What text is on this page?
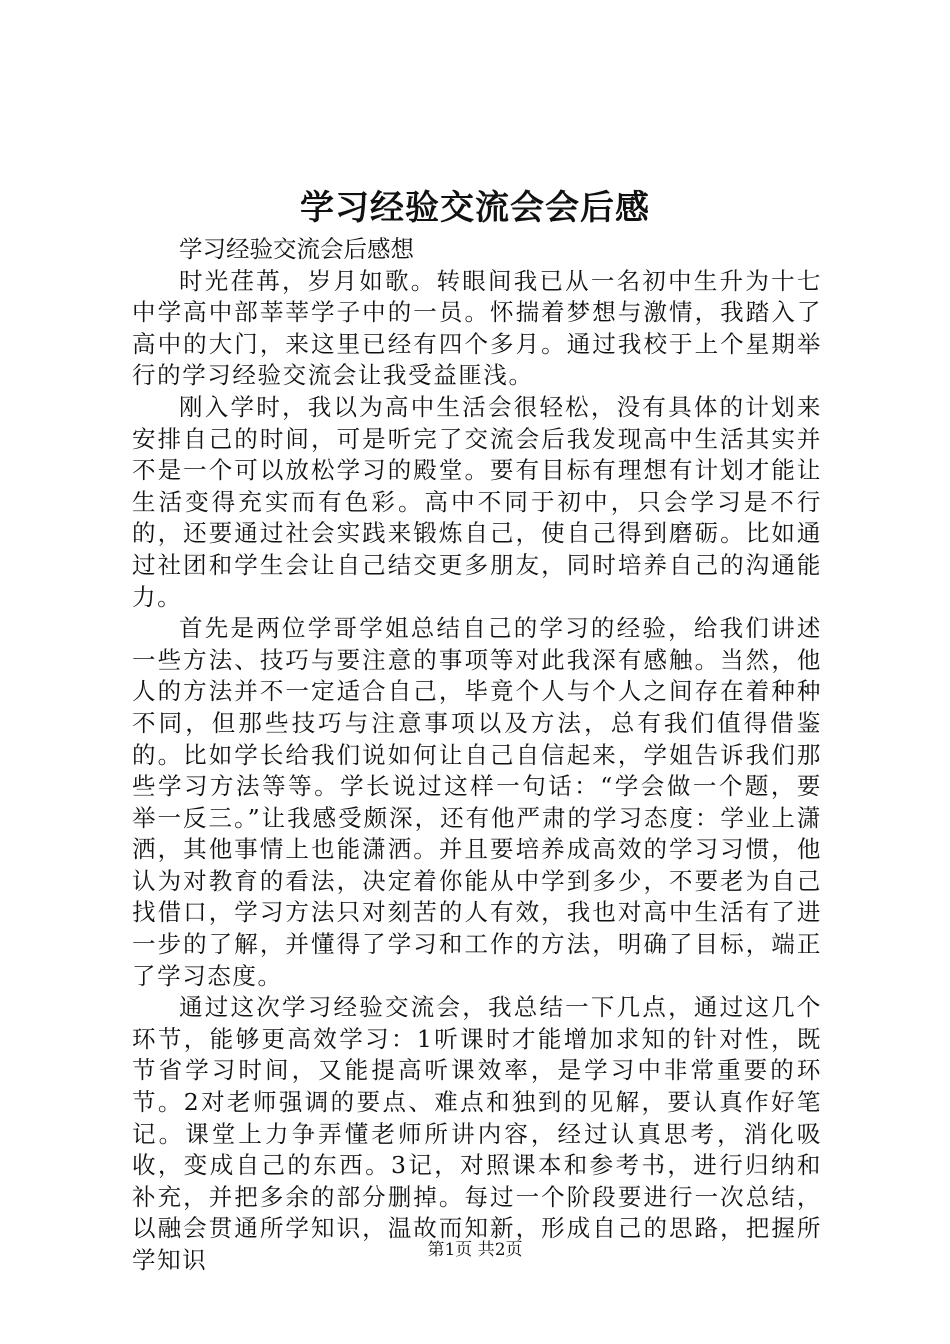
学习经验交流会会后感

学习经验交流会后感想

时光荏苒，岁月如歌。转眼间我已从一名初中生升为十七中学高中部莘莘学子中的一员。怀揣着梦想与激情，我踏入了高中的大门，来这里已经有四个多月。通过我校于上个星期举行的学习经验交流会让我受益匪浅。

刚入学时，我以为高中生活会很轻松，没有具体的计划来安排自己的时间，可是听完了交流会后我发现高中生活其实并不是一个可以放松学习的殿堂。要有目标有理想有计划才能让生活变得充实而有色彩。高中不同于初中，只会学习是不行的，还要通过社会实践来锻炼自己，使自己得到磨砺。比如通过社团和学生会让自己结交更多朋友，同时培养自己的沟通能力。

首先是两位学哥学姐总结自己的学习的经验，给我们讲述一些方法、技巧与要注意的事项等对此我深有感触。当然，他人的方法并不一定适合自己，毕竟个人与个人之间存在着种种不同，但那些技巧与注意事项以及方法，总有我们值得借鉴的。比如学长给我们说如何让自己自信起来，学姐告诉我们那些学习方法等等。学长说过这样一句话：“学会做一个题，要举一反三。”让我感受颇深，还有他严肃的学习态度：学业上潇洒，其他事情上也能潇洒。并且要培养成高效的学习习惯，他认为对教育的看法，决定着你能从中学到多少，不要老为自己找借口，学习方法只对刻苦的人有效，我也对高中生活有了进一步的了解，并懂得了学习和工作的方法，明确了目标，端正了学习态度。

通过这次学习经验交流会，我总结一下几点，通过这几个环节，能够更高效学习：1听课时才能增加求知的针对性，既节省学习时间，又能提高听课效率，是学习中非常重要的环节。2对老师强调的要点、难点和独到的见解，要认真作好笔记。课堂上力争弄懂老师所讲内容，经过认真思考，消化吸收，变成自己的东西。3记，对照课本和参考书，进行归纳和补充，并把多余的部分删掉。每过一个阶段要进行一次总结，以融会贯通所学知识，温故而知新，形成自己的思路，把握所学知识	第1页 共2页
